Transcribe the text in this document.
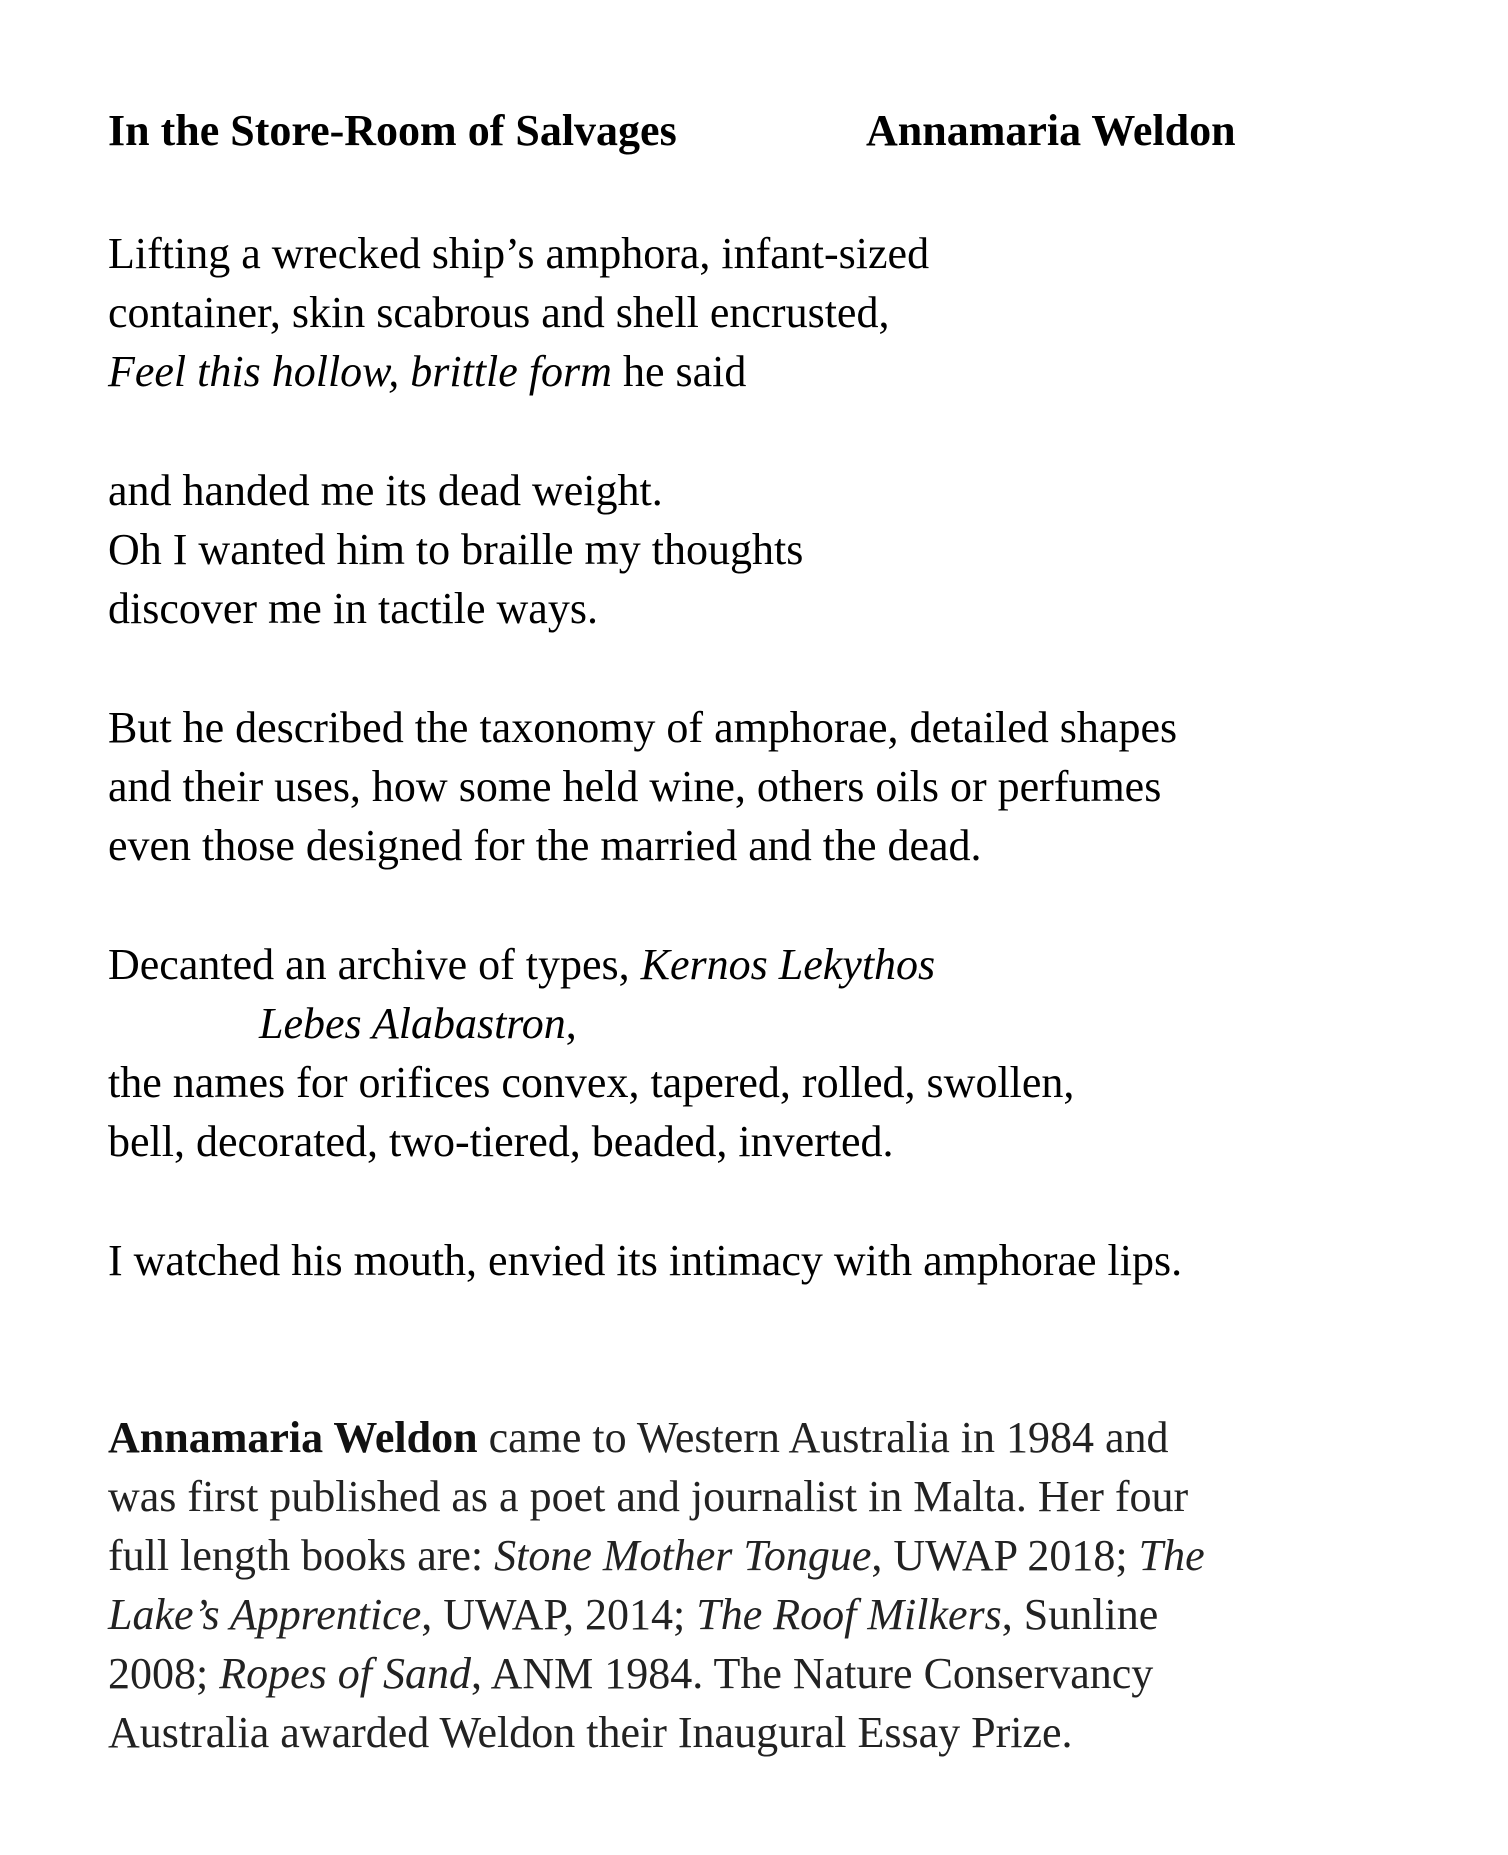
In the Store-Room of Salvages	Annamaria Weldon
Lifting a wrecked ship’s amphora, infant-sized
container, skin scabrous and shell encrusted,
Feel this hollow, brittle form he said
and handed me its dead weight.
Oh I wanted him to braille my thoughts
discover me in tactile ways.
But he described the taxonomy of amphorae, detailed shapes
and their uses, how some held wine, others oils or perfumes
even those designed for the married and the dead.
Decanted an archive of types, Kernos Lekythos
Lebes Alabastron,
the names for orifices convex, tapered, rolled, swollen,
bell, decorated, two-tiered, beaded, inverted.
I watched his mouth, envied its intimacy with amphorae lips.
Annamaria Weldon came to Western Australia in 1984 and
was first published as a poet and journalist in Malta. Her four
full length books are: Stone Mother Tongue, UWAP 2018; The
Lake’s Apprentice, UWAP, 2014; The Roof Milkers, Sunline
2008; Ropes of Sand, ANM 1984. The Nature Conservancy
Australia awarded Weldon their Inaugural Essay Prize.
